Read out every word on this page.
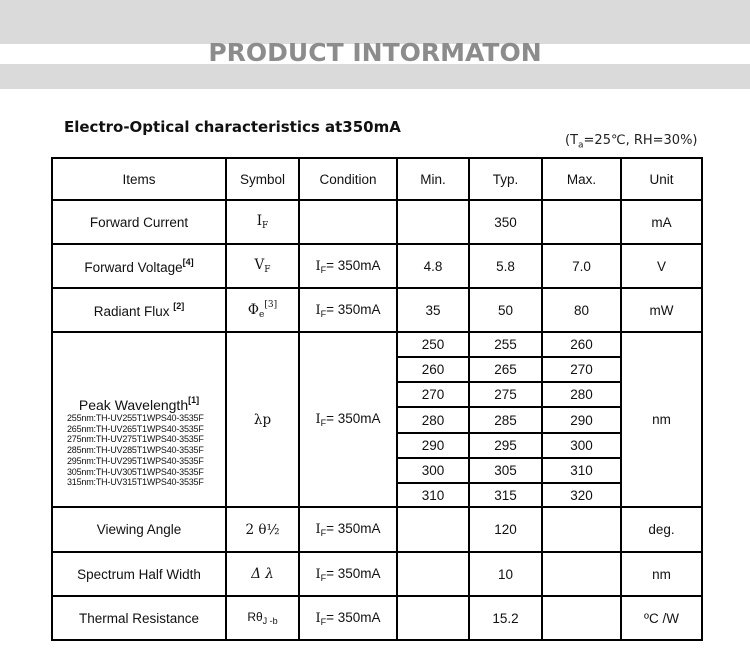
PRODUCT INTORMATON
Electro-Optical characteristics at350mA
($T_a=25℃$, RH=30%)
Items	Symbol	Condition	Min.	Typ.	Max.	Unit
Forward Current	$I_F$			350		mA
Forward Voltage[4]	$V_F$	$I_F= 350mA$	4.8	5.8	7.0	V
Radiant Flux [2]	$\Phi_e[3]$	$I_F= 350mA$	35	50	80	mW

Peak Wavelength[1]
255nm:TH-UV255T1WPS40-3535F
265nm:TH-UV265T1WPS40-3535F
275nm:TH-UV275T1WPS40-3535F
285nm:TH-UV285T1WPS40-3535F
295nm:TH-UV295T1WPS40-3535F
305nm:TH-UV305T1WPS40-3535F
315nm:TH-UV315T1WPS40-3535F
	λp	$I_F= 350mA$	250	255	260	nm
			260	265	270	
			270	275	280	
			280	285	290	
			290	295	300	
			300	305	310	
			310	315	320	
Viewing Angle	2 θ½	$I_F= 350mA$		120		deg.
Spectrum Half Width	Δ λ	$I_F= 350mA$		10		nm
Thermal Resistance	$R\theta_{J -b}$	$I_F= 350mA$		15.2		ºC /W
